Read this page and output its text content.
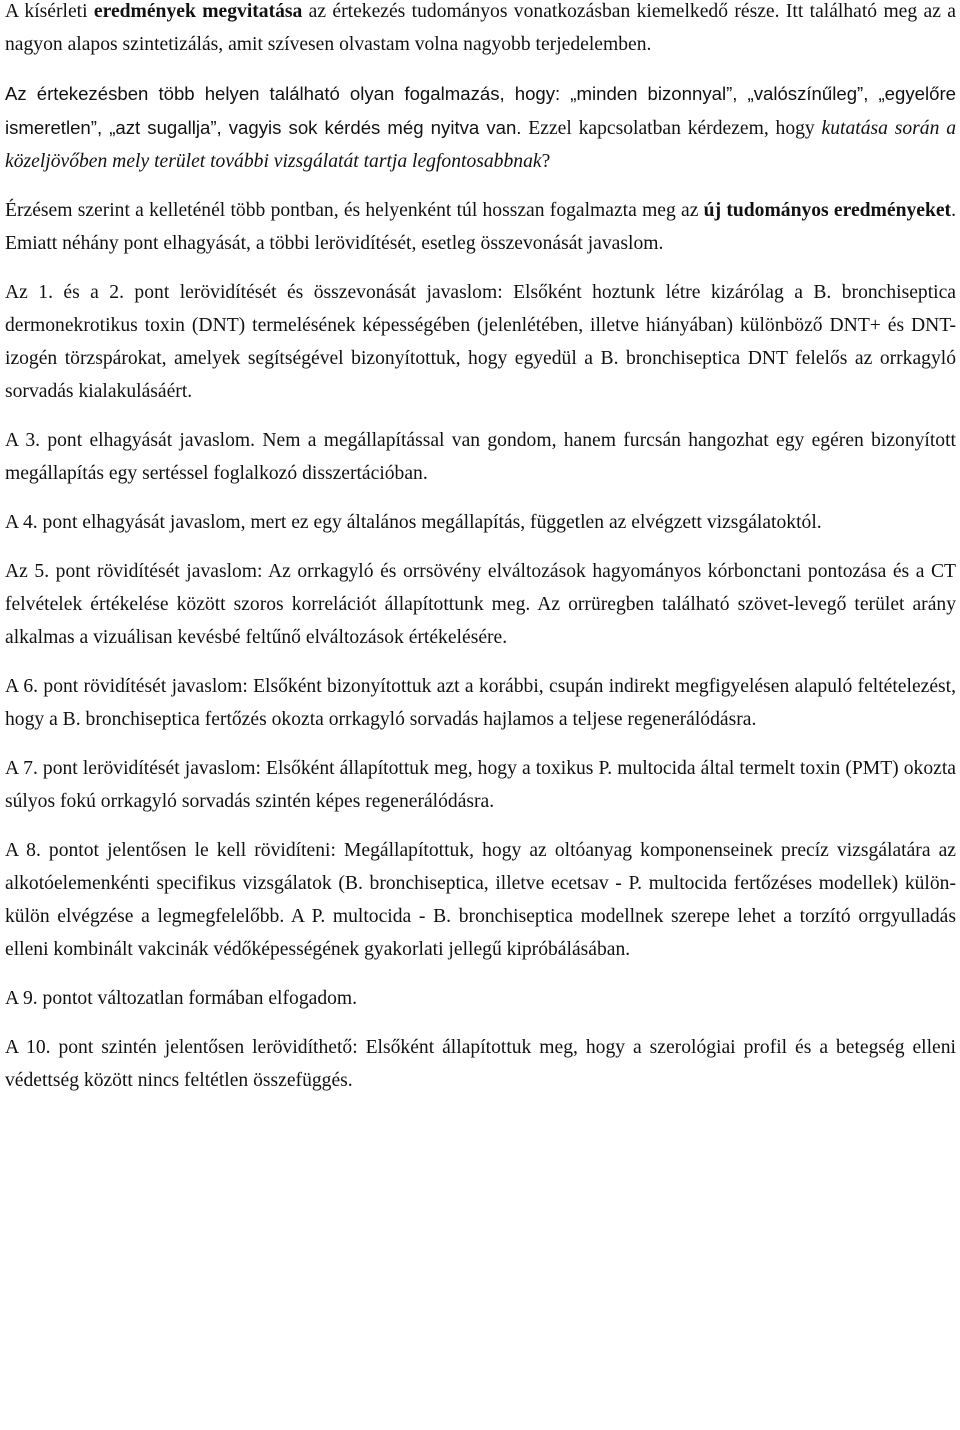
A kísérleti eredmények megvitatása az értekezés tudományos vonatkozásban kiemelkedő része. Itt található meg az a nagyon alapos szintetizálás, amit szívesen olvastam volna nagyobb terjedelemben.

Az értekezésben több helyen található olyan fogalmazás, hogy: „minden bizonnyal”, „valószínűleg”, „egyelőre ismeretlen”, „azt sugallja”, vagyis sok kérdés még nyitva van. Ezzel kapcsolatban kérdezem, hogy kutatása során a közeljövőben mely terület további vizsgálatát tartja legfontosabbnak?

Érzésem szerint a kelleténél több pontban, és helyenként túl hosszan fogalmazta meg az új tudományos eredményeket. Emiatt néhány pont elhagyását, a többi lerövidítését, esetleg összevonását javaslom.

Az 1. és a 2. pont lerövidítését és összevonását javaslom: Elsőként hoztunk létre kizárólag a B. bronchiseptica dermonekrotikus toxin (DNT) termelésének képességében (jelenlétében, illetve hiányában) különböző DNT+ és DNT- izogén törzspárokat, amelyek segítségével bizonyítottuk, hogy egyedül a B. bronchiseptica DNT felelős az orrkagyló sorvadás kialakulásáért.

A 3. pont elhagyását javaslom. Nem a megállapítással van gondom, hanem furcsán hangozhat egy egéren bizonyított megállapítás egy sertéssel foglalkozó disszertációban.

A 4. pont elhagyását javaslom, mert ez egy általános megállapítás, független az elvégzett vizsgálatoktól.

Az 5. pont rövidítését javaslom: Az orrkagyló és orrsövény elváltozások hagyományos kórbonctani pontozása és a CT felvételek értékelése között szoros korrelációt állapítottunk meg. Az orrüregben található szövet-levegő terület arány alkalmas a vizuálisan kevésbé feltűnő elváltozások értékelésére.

A 6. pont rövidítését javaslom: Elsőként bizonyítottuk azt a korábbi, csupán indirekt megfigyelésen alapuló feltételezést, hogy a B. bronchiseptica fertőzés okozta orrkagyló sorvadás hajlamos a teljese regenerálódásra.

A 7. pont lerövidítését javaslom: Elsőként állapítottuk meg, hogy a toxikus P. multocida által termelt toxin (PMT) okozta súlyos fokú orrkagyló sorvadás szintén képes regenerálódásra.

A 8. pontot jelentősen le kell rövidíteni: Megállapítottuk, hogy az oltóanyag komponenseinek precíz vizsgálatára az alkotóelemenkénti specifikus vizsgálatok (B. bronchiseptica, illetve ecetsav - P. multocida fertőzéses modellek) külön-külön elvégzése a legmegfelelőbb. A P. multocida - B. bronchiseptica modellnek szerepe lehet a torzító orrgyulladás elleni kombinált vakcinák védőképességének gyakorlati jellegű kipróbálásában.

A 9. pontot változatlan formában elfogadom.

A 10. pont szintén jelentősen lerövidíthető: Elsőként állapítottuk meg, hogy a szerológiai profil és a betegség elleni védettség között nincs feltétlen összefüggés.
